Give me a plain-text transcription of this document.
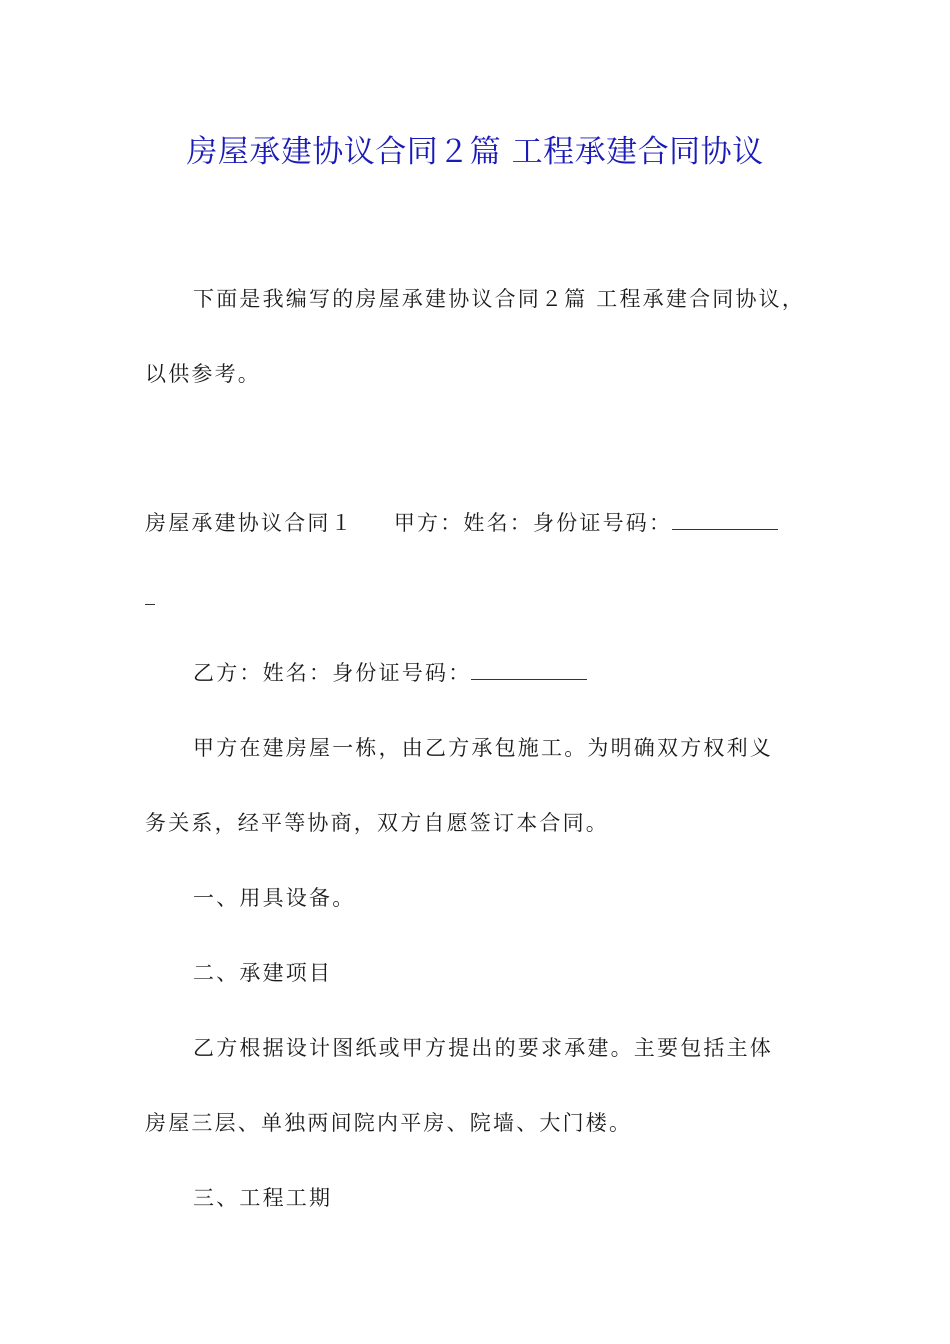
房屋承建协议合同２篇 工程承建合同协议

下面是我编写的房屋承建协议合同２篇 工程承建合同协议，

以供参考。

房屋承建协议合同１ 甲方：姓名：身份证号码：

乙方：姓名：身份证号码：

甲方在建房屋一栋，由乙方承包施工。为明确双方权利义

务关系，经平等协商，双方自愿签订本合同。

一、用具设备。

二、承建项目

乙方根据设计图纸或甲方提出的要求承建。主要包括主体

房屋三层、单独两间院内平房、院墙、大门楼。

三、工程工期
